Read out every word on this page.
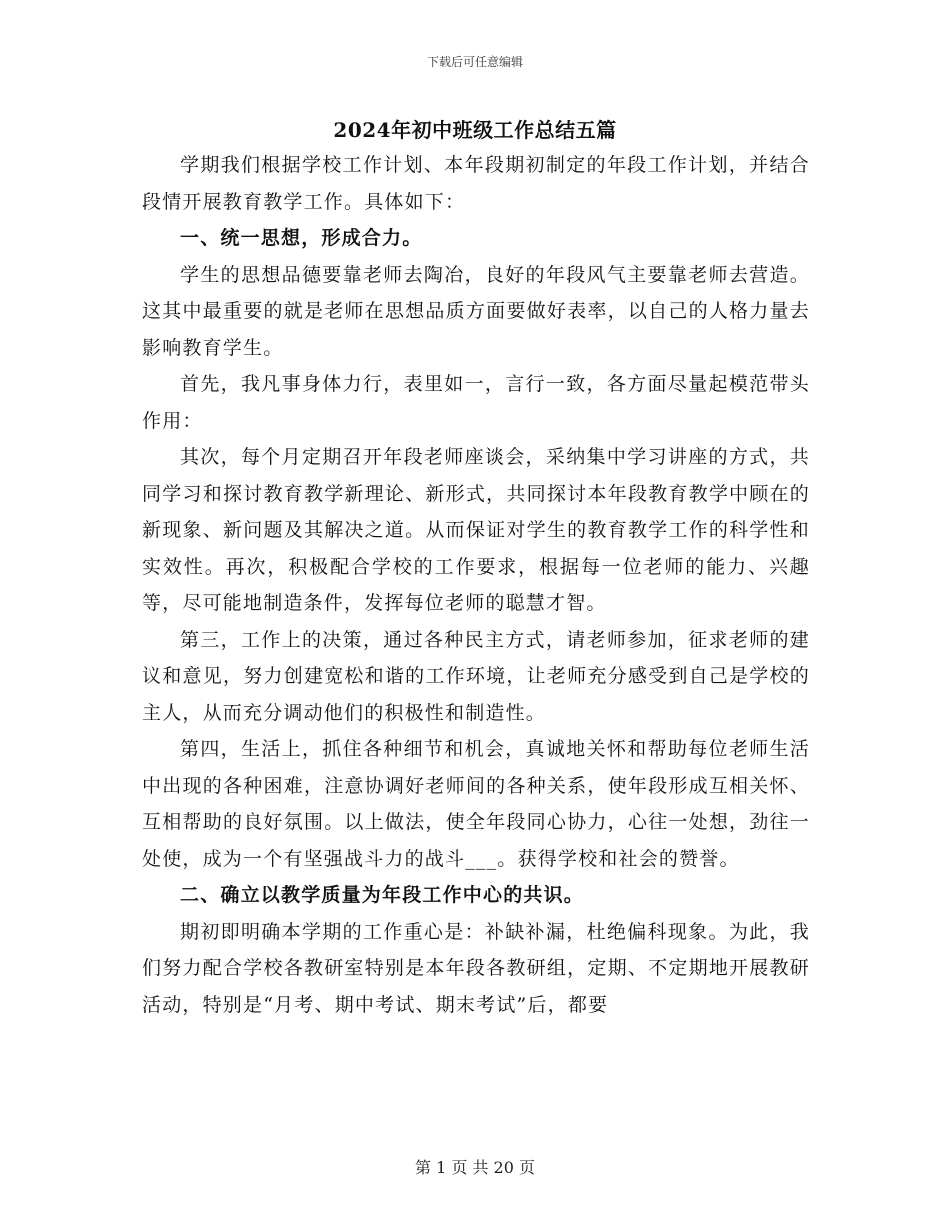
下载后可任意编辑
2024年初中班级工作总结五篇

学期我们根据学校工作计划、本年段期初制定的年段工作计划，并结合段情开展教育教学工作。具体如下：

一、统一思想，形成合力。

学生的思想品德要靠老师去陶冶，良好的年段风气主要靠老师去营造。这其中最重要的就是老师在思想品质方面要做好表率，以自己的人格力量去影响教育学生。

首先，我凡事身体力行，表里如一，言行一致，各方面尽量起模范带头作用：

其次，每个月定期召开年段老师座谈会，采纳集中学习讲座的方式，共同学习和探讨教育教学新理论、新形式，共同探讨本年段教育教学中顾在的新现象、新问题及其解决之道。从而保证对学生的教育教学工作的科学性和实效性。再次，积极配合学校的工作要求，根据每一位老师的能力、兴趣等，尽可能地制造条件，发挥每位老师的聪慧才智。

第三，工作上的决策，通过各种民主方式，请老师参加，征求老师的建议和意见，努力创建宽松和谐的工作环境，让老师充分感受到自己是学校的主人，从而充分调动他们的积极性和制造性。

第四，生活上，抓住各种细节和机会，真诚地关怀和帮助每位老师生活中出现的各种困难，注意协调好老师间的各种关系，使年段形成互相关怀、互相帮助的良好氛围。以上做法，使全年段同心协力，心往一处想，劲往一处使，成为一个有坚强战斗力的战斗___。获得学校和社会的赞誉。

二、确立以教学质量为年段工作中心的共识。

期初即明确本学期的工作重心是：补缺补漏，杜绝偏科现象。为此，我们努力配合学校各教研室特别是本年段各教研组，定期、不定期地开展教研活动，特别是“月考、期中考试、期末考试”后，都要

第 1 页 共 20 页
